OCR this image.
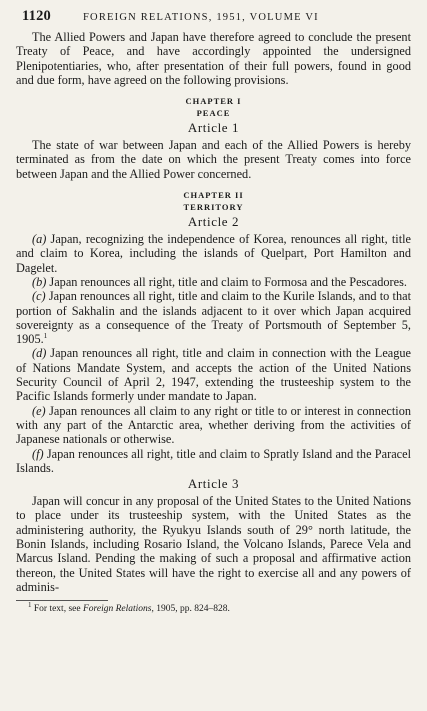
1120	FOREIGN RELATIONS, 1951, VOLUME VI

The Allied Powers and Japan have therefore agreed to conclude the present Treaty of Peace, and have accordingly appointed the undersigned Plenipotentiaries, who, after presentation of their full powers, found in good and due form, have agreed on the following provisions.

CHAPTER I
PEACE
Article 1

The state of war between Japan and each of the Allied Powers is hereby terminated as from the date on which the present Treaty comes into force between Japan and the Allied Power concerned.

CHAPTER II
TERRITORY
Article 2

(a) Japan, recognizing the independence of Korea, renounces all right, title and claim to Korea, including the islands of Quelpart, Port Hamilton and Dagelet.

(b) Japan renounces all right, title and claim to Formosa and the Pescadores.

(c) Japan renounces all right, title and claim to the Kurile Islands, and to that portion of Sakhalin and the islands adjacent to it over which Japan acquired sovereignty as a consequence of the Treaty of Portsmouth of September 5, 1905.$^1$

(d) Japan renounces all right, title and claim in connection with the League of Nations Mandate System, and accepts the action of the United Nations Security Council of April 2, 1947, extending the trusteeship system to the Pacific Islands formerly under mandate to Japan.

(e) Japan renounces all claim to any right or title to or interest in connection with any part of the Antarctic area, whether deriving from the activities of Japanese nationals or otherwise.

(f) Japan renounces all right, title and claim to Spratly Island and the Paracel Islands.

Article 3

Japan will concur in any proposal of the United States to the United Nations to place under its trusteeship system, with the United States as the administering authority, the Ryukyu Islands south of 29° north latitude, the Bonin Islands, including Rosario Island, the Volcano Islands, Parece Vela and Marcus Island. Pending the making of such a proposal and affirmative action thereon, the United States will have the right to exercise all and any powers of adminis-

$^1$ For text, see Foreign Relations, 1905, pp. 824–828.
